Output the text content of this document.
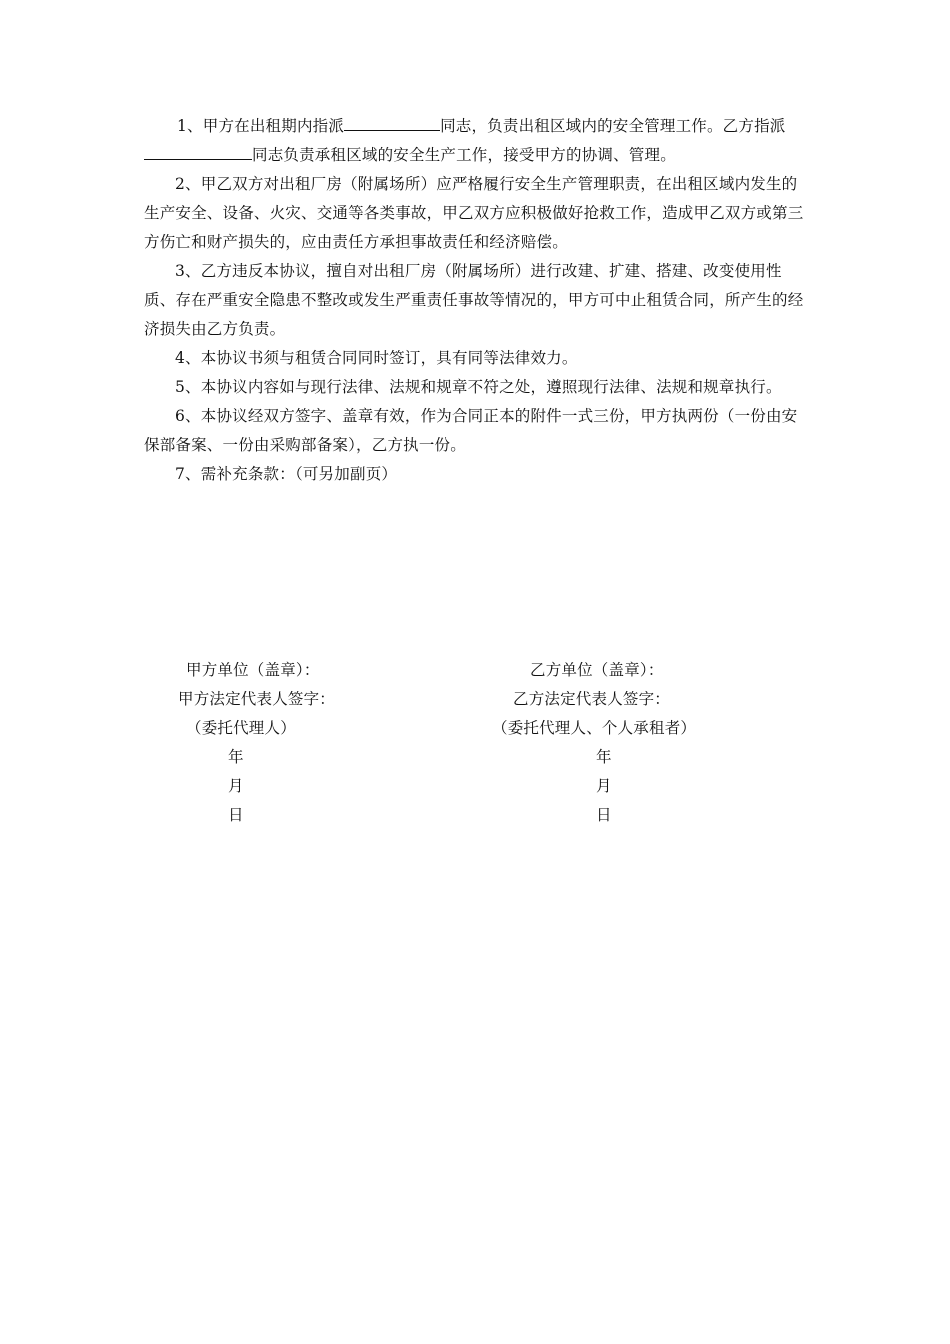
1、甲方在出租期内指派	同志，负责出租区域内的安全管理工作。乙方指派同志负责承租区域的安全生产工作，接受甲方的协调、管理。

2、甲乙双方对出租厂房（附属场所）应严格履行安全生产管理职责，在出租区域内发生的生产安全、设备、火灾、交通等各类事故，甲乙双方应积极做好抢救工作，造成甲乙双方或第三方伤亡和财产损失的，应由责任方承担事故责任和经济赔偿。

3、乙方违反本协议，擅自对出租厂房（附属场所）进行改建、扩建、搭建、改变使用性质、存在严重安全隐患不整改或发生严重责任事故等情况的，甲方可中止租赁合同，所产生的经济损失由乙方负责。

4、本协议书须与租赁合同同时签订，具有同等法律效力。

5、本协议内容如与现行法律、法规和规章不符之处，遵照现行法律、法规和规章执行。

6、本协议经双方签字、盖章有效，作为合同正本的附件一式三份，甲方执两份（一份由安保部备案、一份由采购部备案），乙方执一份。

7、需补充条款：（可另加副页）

甲方单位（盖章）：
甲方法定代表人签字：
（委托代理人）
年
月
日
乙方单位（盖章）：
乙方法定代表人签字：
（委托代理人、个人承租者）
年
月
日
